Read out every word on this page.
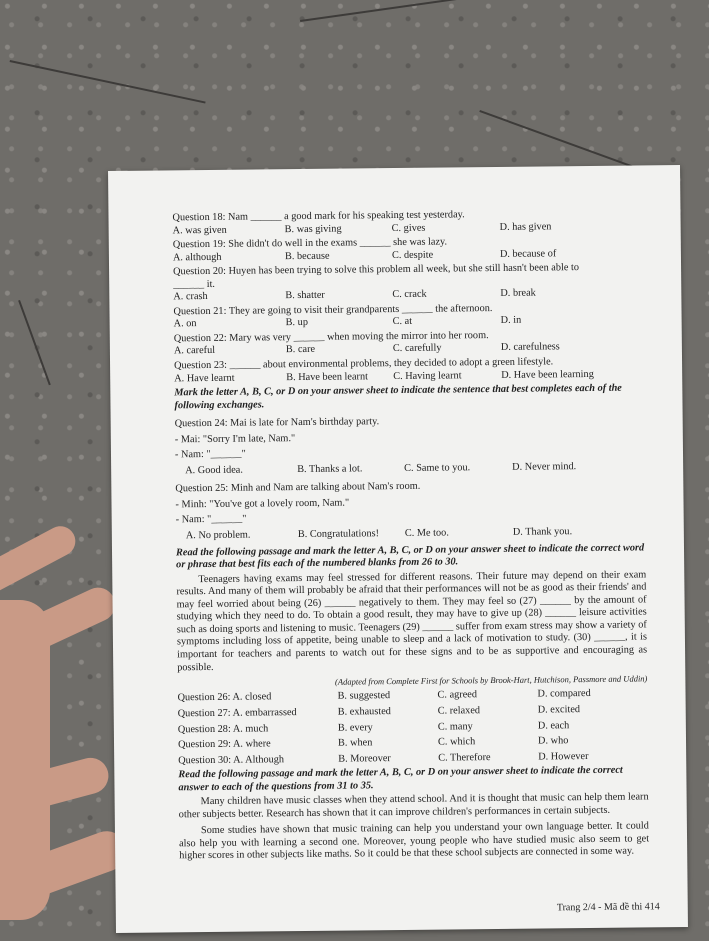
Question 18: Nam ______ a good mark for his speaking test yesterday.
A. was given	B. was giving	C. gives	D. has given
Question 19: She didn't do well in the exams ______ she was lazy.
A. although	B. because	C. despite	D. because of
Question 20: Huyen has been trying to solve this problem all week, but she still hasn't been able to ______ it.
A. crash	B. shatter	C. crack	D. break
Question 21: They are going to visit their grandparents ______ the afternoon.
A. on	B. up	C. at	D. in
Question 22: Mary was very ______ when moving the mirror into her room.
A. careful	B. care	C. carefully	D. carefulness
Question 23: ______ about environmental problems, they decided to adopt a green lifestyle.
A. Have learnt	B. Have been learnt	C. Having learnt	D. Have been learning
Mark the letter A, B, C, or D on your answer sheet to indicate the sentence that best completes each of the following exchanges.
Question 24: Mai is late for Nam's birthday party.
- Mai: "Sorry I'm late, Nam."
- Nam: "______"
A. Good idea.	B. Thanks a lot.	C. Same to you.	D. Never mind.
Question 25: Minh and Nam are talking about Nam's room.
- Minh: "You've got a lovely room, Nam."
- Nam: "______"
A. No problem.	B. Congratulations!	C. Me too.	D. Thank you.
Read the following passage and mark the letter A, B, C, or D on your answer sheet to indicate the correct word or phrase that best fits each of the numbered blanks from 26 to 30.

Teenagers having exams may feel stressed for different reasons. Their future may depend on their exam results. And many of them will probably be afraid that their performances will not be as good as their friends' and may feel worried about being (26) ______ negatively to them. They may feel so (27) ______ by the amount of studying which they need to do. To obtain a good result, they may have to give up (28) ______ leisure activities such as doing sports and listening to music. Teenagers (29) ______ suffer from exam stress may show a variety of symptoms including loss of appetite, being unable to sleep and a lack of motivation to study. (30) ______, it is important for teachers and parents to watch out for these signs and to be as supportive and encouraging as possible.

(Adapted from Complete First for Schools by Brook-Hart, Hutchison, Passmore and Uddin)
Question 26: A. closed	B. suggested	C. agreed	D. compared
Question 27: A. embarrassed	B. exhausted	C. relaxed	D. excited
Question 28: A. much	B. every	C. many	D. each
Question 29: A. where	B. when	C. which	D. who
Question 30: A. Although	B. Moreover	C. Therefore	D. However
Read the following passage and mark the letter A, B, C, or D on your answer sheet to indicate the correct answer to each of the questions from 31 to 35.

Many children have music classes when they attend school. And it is thought that music can help them learn other subjects better. Research has shown that it can improve children's performances in certain subjects.

Some studies have shown that music training can help you understand your own language better. It could also help you with learning a second one. Moreover, young people who have studied music also seem to get higher scores in other subjects like maths. So it could be that these school subjects are connected in some way.

Trang 2/4 - Mã đề thi 414
